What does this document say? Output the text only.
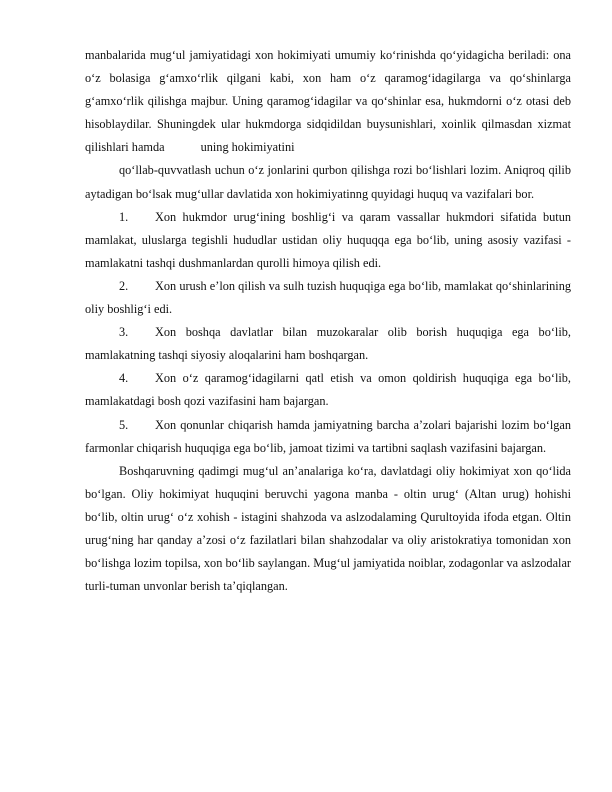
manbalarida mug‘ul jamiyatidagi xon hokimiyati umumiy ko‘rinishda qo‘yidagicha beriladi: ona o‘z bolasiga g‘amxo‘rlik qilgani kabi, xon ham o‘z qaramog‘idagilarga va qo‘shinlarga g‘amxo‘rlik qilishga majbur. Uning qaramog‘idagilar va qo‘shinlar esa, hukmdorni o‘z otasi deb hisoblaydilar. Shuningdek ular hukmdorga sidqidildan buysunishlari, xoinlik qilmasdan xizmat qilishlari hamda	uning hokimiyatini

qo‘llab-quvvatlash uchun o‘z jonlarini qurbon qilishga rozi bo‘lishlari lozim. Aniqroq qilib aytadigan bo‘lsak mug‘ullar davlatida xon hokimiyatinng quyidagi huquq va vazifalari bor.

1. Xon hukmdor urug‘ining boshlig‘i va qaram vassallar hukmdori sifatida butun mamlakat, uluslarga tegishli hududlar ustidan oliy huquqqa ega bo‘lib, uning asosiy vazifasi - mamlakatni tashqi dushmanlardan qurolli himoya qilish edi.

2. Xon urush e’lon qilish va sulh tuzish huquqiga ega bo‘lib, mamlakat qo‘shinlarining oliy boshlig‘i edi.

3. Xon boshqa davlatlar bilan muzokaralar olib borish huquqiga ega bo‘lib, mamlakatning tashqi siyosiy aloqalarini ham boshqargan.

4. Xon o‘z qaramog‘idagilarni qatl etish va omon qoldirish huquqiga ega bo‘lib, mamlakatdagi bosh qozi vazifasini ham bajargan.

5. Xon qonunlar chiqarish hamda jamiyatning barcha a’zolari bajarishi lozim bo‘lgan farmonlar chiqarish huquqiga ega bo‘lib, jamoat tizimi va tartibni saqlash vazifasini bajargan.

Boshqaruvning qadimgi mug‘ul an’analariga ko‘ra, davlatdagi oliy hokimiyat xon qo‘lida bo‘lgan. Oliy hokimiyat huquqini beruvchi yagona manba - oltin urug‘ (Altan urug) hohishi bo‘lib, oltin urug‘ o‘z xohish - istagini shahzoda va aslzodalaming Qurultoyida ifoda etgan. Oltin urug‘ning har qanday a’zosi o‘z fazilatlari bilan shahzodalar va oliy aristokratiya tomonidan xon bo‘lishga lozim topilsa, xon bo‘lib saylangan. Mug‘ul jamiyatida noiblar, zodagonlar va aslzodalar turli-tuman unvonlar berish ta’qiqlangan.
